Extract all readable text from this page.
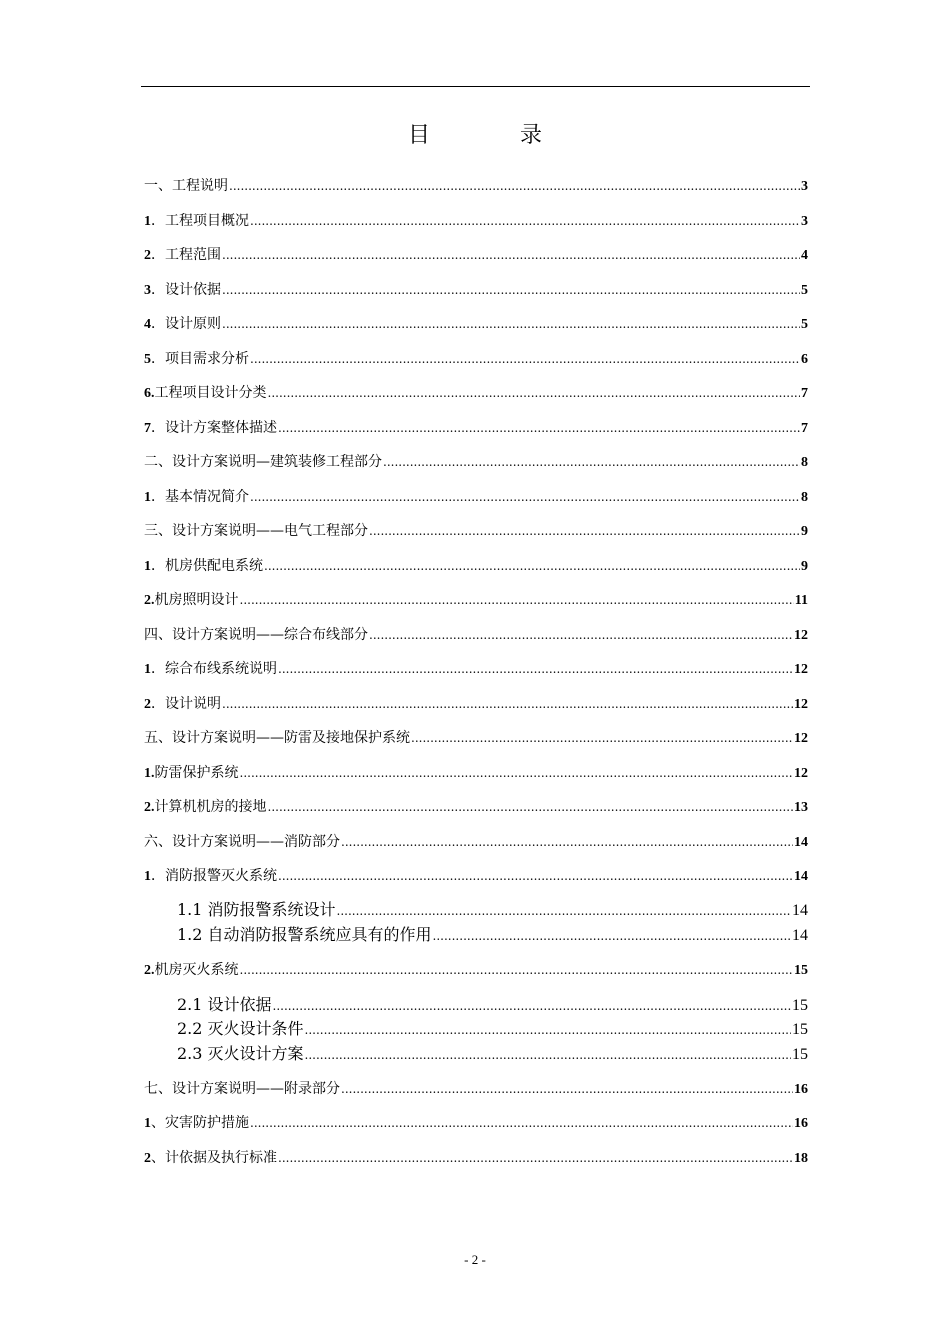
目　录
一、工程说明 .....	3
1 ．工程项目概况 .....	3
2 ．工程范围 .....	4
3 ．设计依据 .....	5
4 ．设计原则 .....	5
5 ．项目需求分析 .....	6
6. 工程项目设计分类 .....	7
7 ．设计方案整体描述 .....	7
二、设计方案说明—建筑装修工程部分 .....	8
1 ．基本情况简介 .....	8
三、设计方案说明——电气工程部分 .....	9
1 ．机房供配电系统 .....	9
2. 机房照明设计 .....	11
四、设计方案说明——综合布线部分 .....	12
1 ．综合布线系统说明 .....	12
2 ．设计说明 .....	12
五、设计方案说明——防雷及接地保护系统 .....	12
1. 防雷保护系统 .....	12
2. 计算机机房的接地 .....	13
六、设计方案说明——消防部分 .....	14
1 ．消防报警灭火系统 .....	14
1.1 消防报警系统设计 .....	14
1.2 自动消防报警系统应具有的作用 .....	14
2. 机房灭火系统 .....	15
2.1 设计依据 .....	15
2.2 灭火设计条件 .....	15
2.3 灭火设计方案 .....	15
七、设计方案说明——附录部分 .....	16
1 、灾害防护措施 .....	16
2 、计依据及执行标准 .....	18
- 2 -
